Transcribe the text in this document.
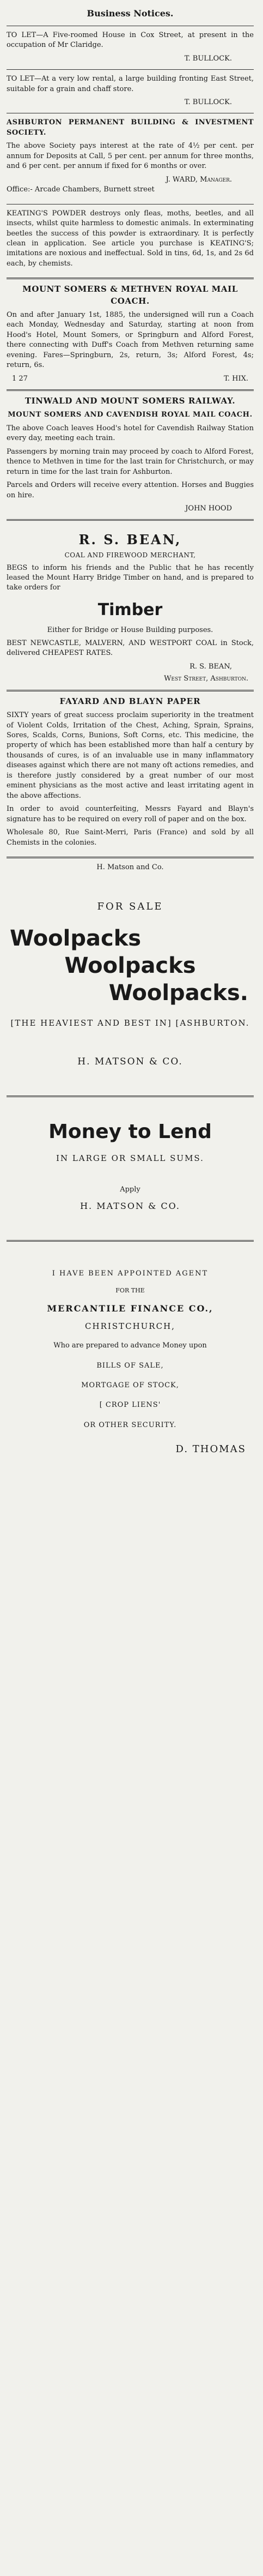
Business Notices.

TO LET—A Five-roomed House in Cox Street, at present in the occupation of Mr Claridge.

T. BULLOCK.

TO LET—At a very low rental, a large building fronting East Street, suitable for a grain and chaff store.

T. BULLOCK.

ASHBURTON PERMANENT BUILDING & INVESTMENT SOCIETY.

The above Society pays interest at the rate of 4½ per cent. per annum for Deposits at Call, 5 per cent. per annum for three months, and 6 per cent. per annum if fixed for 6 months or over.

J. WARD, Manager.

Office:- Arcade Chambers, Burnett street

KEATING'S POWDER destroys only fleas, moths, beetles, and all insects, whilst quite harmless to domestic animals. In exterminating beetles the success of this powder is extraordinary. It is perfectly clean in application. See article you purchase is KEATING'S; imitations are noxious and ineffectual. Sold in tins, 6d, 1s, and 2s 6d each, by chemists.

MOUNT SOMERS & METHVEN ROYAL MAIL COACH.

On and after January 1st, 1885, the undersigned will run a Coach each Monday, Wednesday and Saturday, starting at noon from Hood's Hotel, Mount Somers, or Springburn and Alford Forest, there connecting with Duff's Coach from Methven returning same evening. Fares—Springburn, 2s, return, 3s; Alford Forest, 4s; return, 6s.

1 27	T. HIX.

TINWALD AND MOUNT SOMERS RAILWAY.

MOUNT SOMERS AND CAVENDISH ROYAL MAIL COACH.

The above Coach leaves Hood's hotel for Cavendish Railway Station every day, meeting each train.

Passengers by morning train may proceed by coach to Alford Forest, thence to Methven in time for the last train for Christchurch, or may return in time for the last train for Ashburton.

Parcels and Orders will receive every attention. Horses and Buggies on hire.

JOHN HOOD
R. S. BEAN,

COAL AND FIREWOOD MERCHANT,

BEGS to inform his friends and the Public that he has recently leased the Mount Harry Bridge Timber on hand, and is prepared to take orders for

Timber

Either for Bridge or House Building purposes.

BEST NEWCASTLE, MALVERN, AND WESTPORT COAL in Stock, delivered CHEAPEST RATES.

R. S. BEAN,
West Street, Ashburton.

FAYARD AND BLAYN PAPER

SIXTY years of great success proclaim superiority in the treatment of Violent Colds, Irritation of the Chest, Aching, Sprain, Sprains, Sores, Scalds, Corns, Bunions, Soft Corns, etc. This medicine, the property of which has been established more than half a century by thousands of cures, is of an invaluable use in many inflammatory diseases against which there are not many oft actions remedies, and is therefore justly considered by a great number of our most eminent physicians as the most active and least irritating agent in the above affections.

In order to avoid counterfeiting, Messrs Fayard and Blayn's signature has to be required on every roll of paper and on the box.

Wholesale 80, Rue Saint-Merri, Paris (France) and sold by all Chemists in the colonies.

H. Matson and Co.

FOR SALE
Woolpacks
Woolpacks
Woolpacks.
[THE HEAVIEST AND BEST IN] [ASHBURTON.
H. MATSON & CO.
Money to Lend
IN LARGE OR SMALL SUMS.
Apply
H. MATSON & CO.
I HAVE BEEN APPOINTED AGENT
FOR THE
MERCANTILE FINANCE CO.,
CHRISTCHURCH,
Who are prepared to advance Money upon
BILLS OF SALE,
MORTGAGE OF STOCK,
[ CROP LIENS'
OR OTHER SECURITY.
D. THOMAS
